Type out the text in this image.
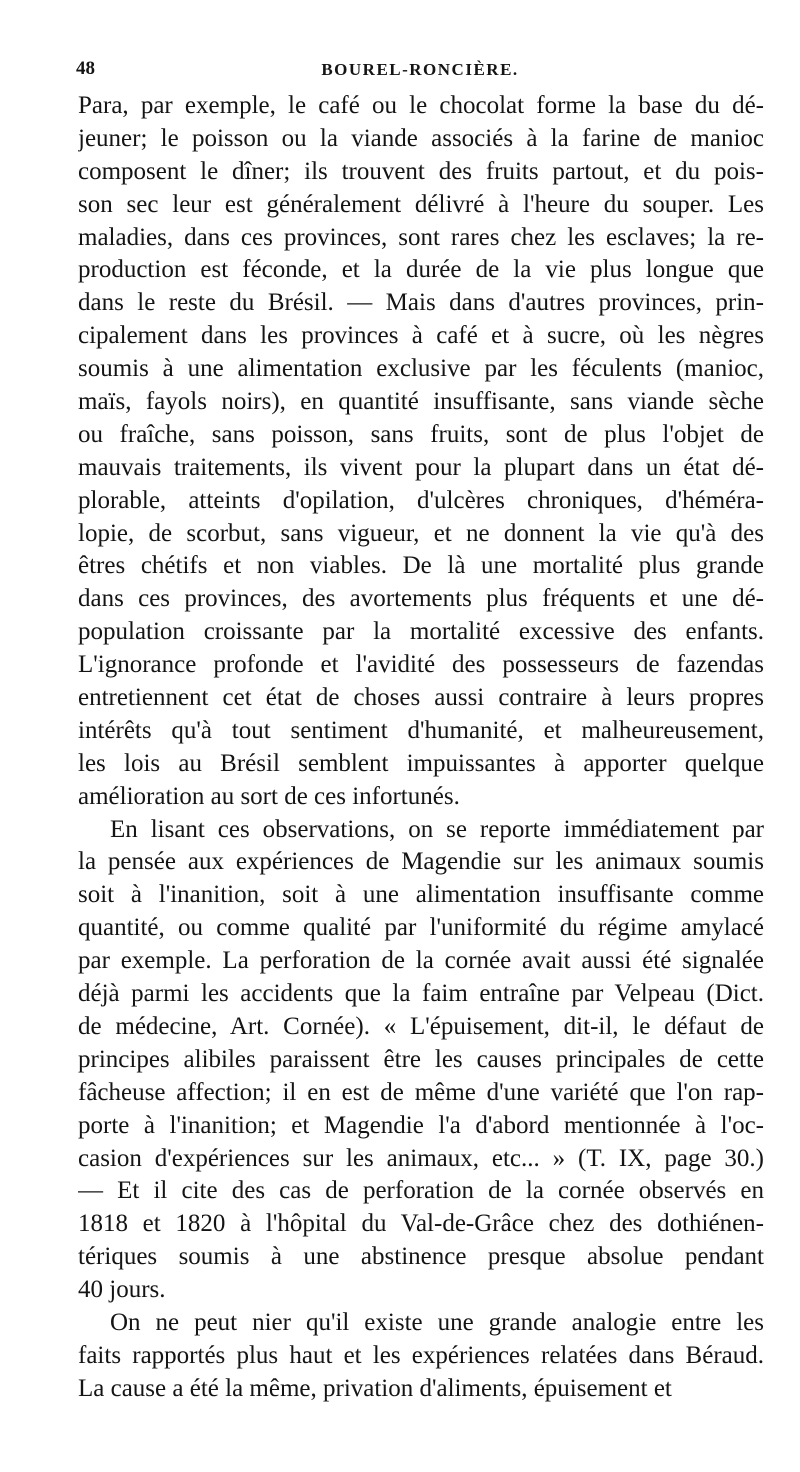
48	BOUREL-RONCIÈRE.
Para, par exemple, le café ou le chocolat forme la base du dé-
jeuner; le poisson ou la viande associés à la farine de manioc
composent le dîner; ils trouvent des fruits partout, et du pois-
son sec leur est généralement délivré à l'heure du souper. Les
maladies, dans ces provinces, sont rares chez les esclaves; la re-
production est féconde, et la durée de la vie plus longue que
dans le reste du Brésil. — Mais dans d'autres provinces, prin-
cipalement dans les provinces à café et à sucre, où les nègres
soumis à une alimentation exclusive par les féculents (manioc,
maïs, fayols noirs), en quantité insuffisante, sans viande sèche
ou fraîche, sans poisson, sans fruits, sont de plus l'objet de
mauvais traitements, ils vivent pour la plupart dans un état dé-
plorable, atteints d'opilation, d'ulcères chroniques, d'héméra-
lopie, de scorbut, sans vigueur, et ne donnent la vie qu'à des
êtres chétifs et non viables. De là une mortalité plus grande
dans ces provinces, des avortements plus fréquents et une dé-
population croissante par la mortalité excessive des enfants.
L'ignorance profonde et l'avidité des possesseurs de fazendas
entretiennent cet état de choses aussi contraire à leurs propres
intérêts qu'à tout sentiment d'humanité, et malheureusement,
les lois au Brésil semblent impuissantes à apporter quelque
amélioration au sort de ces infortunés.
En lisant ces observations, on se reporte immédiatement par
la pensée aux expériences de Magendie sur les animaux soumis
soit à l'inanition, soit à une alimentation insuffisante comme
quantité, ou comme qualité par l'uniformité du régime amylacé
par exemple. La perforation de la cornée avait aussi été signalée
déjà parmi les accidents que la faim entraîne par Velpeau (Dict.
de médecine, Art. Cornée). « L'épuisement, dit-il, le défaut de
principes alibiles paraissent être les causes principales de cette
fâcheuse affection; il en est de même d'une variété que l'on rap-
porte à l'inanition; et Magendie l'a d'abord mentionnée à l'oc-
casion d'expériences sur les animaux, etc... » (T. IX, page 30.)
— Et il cite des cas de perforation de la cornée observés en
1818 et 1820 à l'hôpital du Val-de-Grâce chez des dothiénen-
tériques soumis à une abstinence presque absolue pendant
40 jours.
On ne peut nier qu'il existe une grande analogie entre les
faits rapportés plus haut et les expériences relatées dans Béraud.
La cause a été la même, privation d'aliments, épuisement et
